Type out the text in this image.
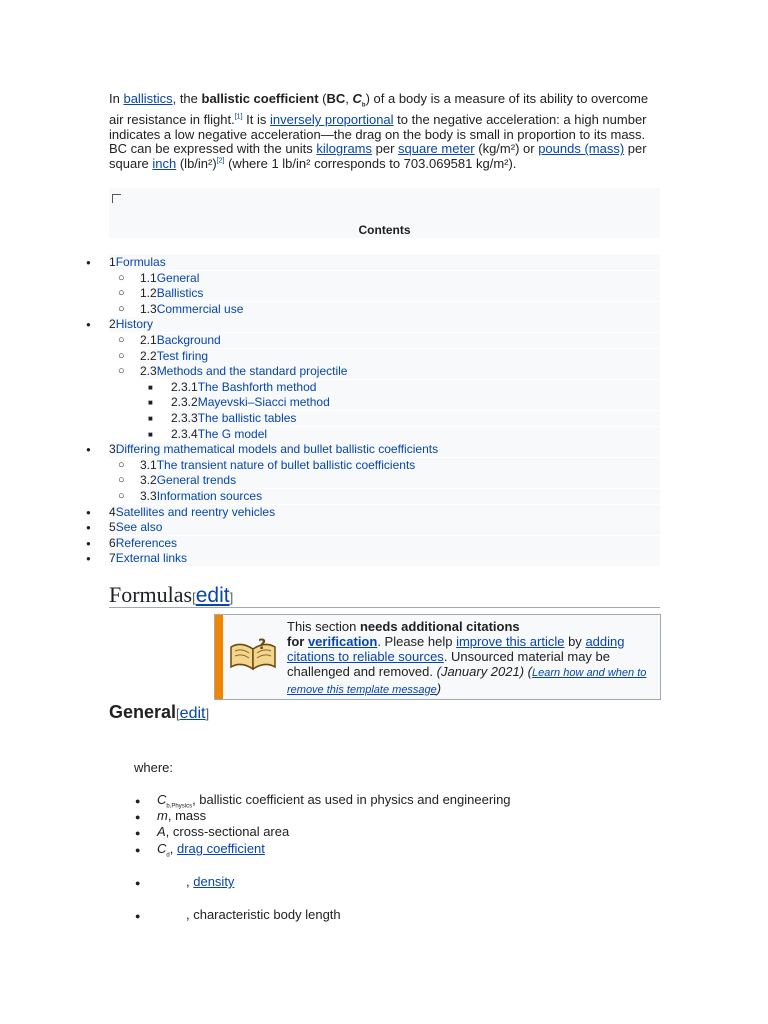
In ballistics, the ballistic coefficient (BC, $C_b$) of a body is a measure of its ability to overcome air resistance in flight.[1] It is inversely proportional to the negative acceleration: a high number indicates a low negative acceleration—the drag on the body is small in proportion to its mass. BC can be expressed with the units kilograms per square meter (kg/m²) or pounds (mass) per square inch (lb/in²)[2] (where 1 lb/in² corresponds to 703.069581 kg/m²).

Contents
● 1Formulas
○ 1.1General
○ 1.2Ballistics
○ 1.3Commercial use
● 2History
○ 2.1Background
○ 2.2Test firing
○ 2.3Methods and the standard projectile
■ 2.3.1The Bashforth method
■ 2.3.2Mayevski–Siacci method
■ 2.3.3The ballistic tables
■ 2.3.4The G model
● 3Differing mathematical models and bullet ballistic coefficients
○ 3.1The transient nature of bullet ballistic coefficients
○ 3.2General trends
○ 3.3Information sources
● 4Satellites and reentry vehicles
● 5See also
● 6References
● 7External links
Formulas[edit]
?
This section needs additional citations
for verification. Please help improve this article by adding citations to reliable sources. Unsourced material may be challenged and removed. (January 2021) (Learn how and when to remove this template message)
General[edit]
where:
● $C_{b,Physics}$, ballistic coefficient as used in physics and engineering
● m, mass
● A, cross-sectional area
● $C_d$, drag coefficient
●	, density
●	, characteristic body length
